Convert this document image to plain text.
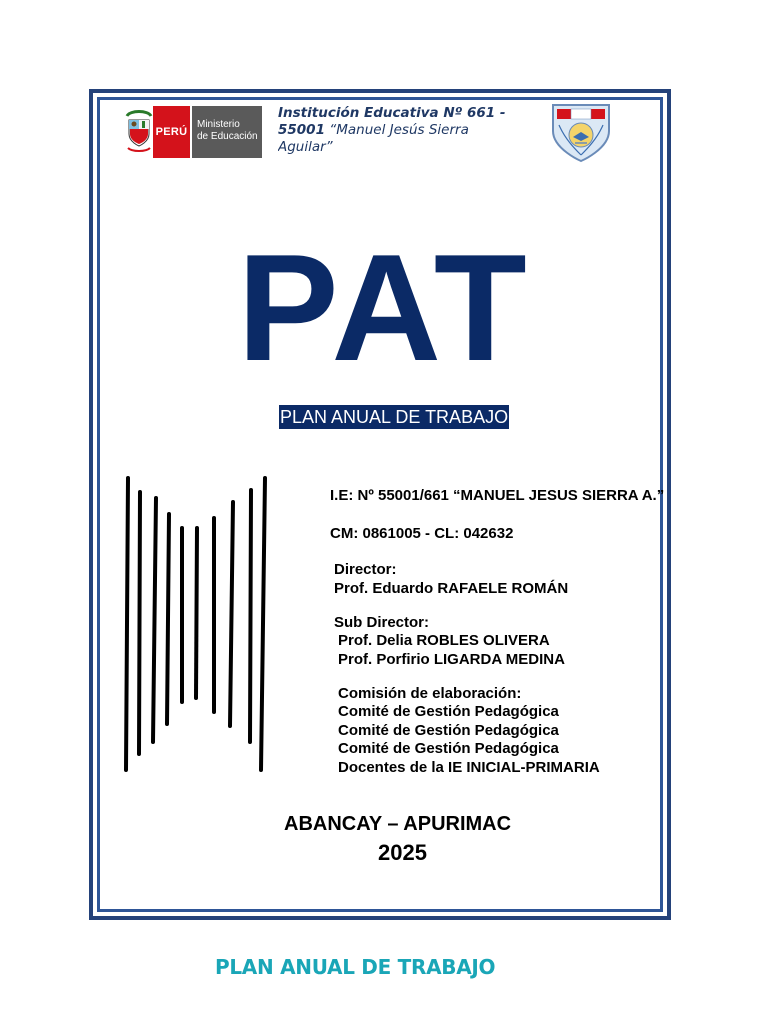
PERÚ
Ministerio
de Educación
Institución Educativa Nº 661 -
55001 “Manuel Jesús Sierra
Aguilar”
PAT
PLAN ANUAL DE TRABAJO
I.E: Nº 55001/661 “MANUEL JESUS SIERRA A.”
CM: 0861005 - CL: 042632
Director:
Prof. Eduardo RAFAELE ROMÁN
Sub Director:
Prof. Delia ROBLES OLIVERA
Prof. Porfirio LIGARDA MEDINA
Comisión de elaboración:
Comité de Gestión Pedagógica
Comité de Gestión Pedagógica
Comité de Gestión Pedagógica
Docentes de la IE INICIAL-PRIMARIA
ABANCAY – APURIMAC
2025
PLAN ANUAL DE TRABAJO
